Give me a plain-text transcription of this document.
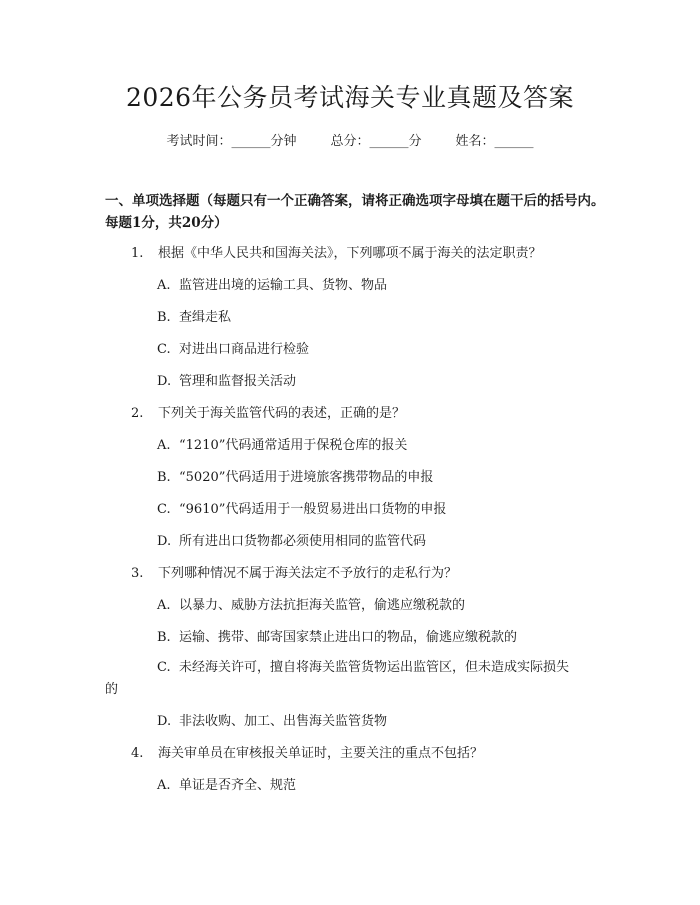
2026年公务员考试海关专业真题及答案
考试时间：______分钟	总分：______分	姓名：______
一、单项选择题（每题只有一个正确答案，请将正确选项字母填在题干后的括号内。每题1分，共20分）
1. 根据《中华人民共和国海关法》，下列哪项不属于海关的法定职责？
A. 监管进出境的运输工具、货物、物品
B. 查缉走私
C. 对进出口商品进行检验
D. 管理和监督报关活动
2. 下列关于海关监管代码的表述，正确的是？
A. “1210”代码通常适用于保税仓库的报关
B. “5020”代码适用于进境旅客携带物品的申报
C. “9610”代码适用于一般贸易进出口货物的申报
D. 所有进出口货物都必须使用相同的监管代码
3. 下列哪种情况不属于海关法定不予放行的走私行为？
A. 以暴力、威胁方法抗拒海关监管，偷逃应缴税款的
B. 运输、携带、邮寄国家禁止进出口的物品，偷逃应缴税款的
C. 未经海关许可，擅自将海关监管货物运出监管区，但未造成实际损失
的
D. 非法收购、加工、出售海关监管货物
4. 海关审单员在审核报关单证时，主要关注的重点不包括？
A. 单证是否齐全、规范
